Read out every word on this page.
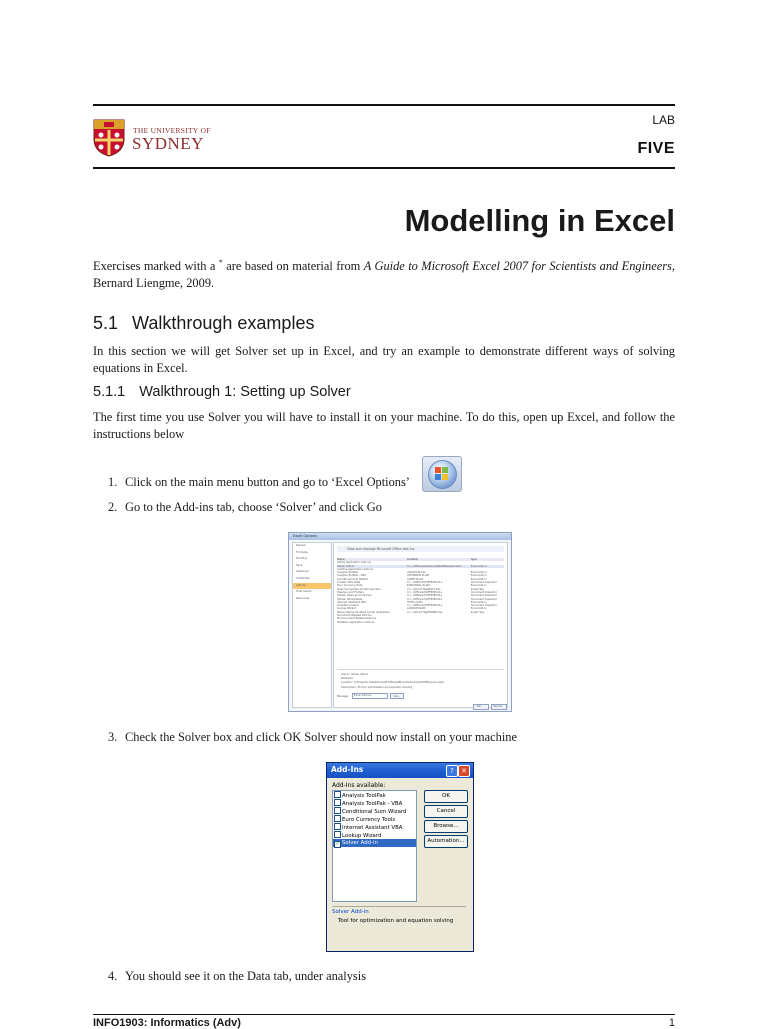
THE UNIVERSITY OF
SYDNEY
LAB
FIVE
Modelling in Excel

Exercises marked with a * are based on material from A Guide to Microsoft Excel 2007 for Scientists and Engineers, Bernard Liengme, 2009.

5.1 Walkthrough examples

In this section we will get Solver set up in Excel, and try an example to demonstrate different ways of solving equations in Excel.

5.1.1 Walkthrough 1: Setting up Solver

The first time you use Solver you will have to install it on your machine. To do this, open up Excel, and follow the instructions below

1. Click on the main menu button and go to ‘Excel Options’
2. Go to the Add-ins tab, choose ‘Solver’ and click Go
Excel Options
Popular
Formulas
Proofing
Save
Advanced
Customize
Add-Ins
Trust Center
Resources
View and manage Microsoft Office add-ins.
Name	Location	Type
Active Application Add-ins
Solver Add-in	C:\...\Office12\Library\SOLVER\solver.xlam	Excel Add-in
Inactive Application Add-ins
Analysis ToolPak	ANALYS32.XLL	Excel Add-in
Analysis ToolPak - VBA	ATPVBAEN.XLAM	Excel Add-in
Conditional Sum Wizard	SUMIF.XLAM	Excel Add-in
Custom XML Data	C:\...\Office12\OFFRHD.DLL	Document Inspector
Euro Currency Tools	EUROTOOL.XLAM	Excel Add-in
Financial Symbol (Smart tag lists)	C:\...\Smart Tag\MOFL.DLL	Smart Tag
Headers and Footers	C:\...\Office12\OFFRHD.DLL	Document Inspector
Hidden Rows and Columns	C:\...\Office12\OFFRHD.DLL	Document Inspector
Hidden Worksheets	C:\...\Office12\OFFRHD.DLL	Document Inspector
Internet Assistant VBA	HTML.XLAM	Excel Add-in
Invisible Content	C:\...\Office12\OFFRHD.DLL	Document Inspector
Lookup Wizard	LOOKUP.XLAM	Excel Add-in
Person Name (Outlook e-mail recipients)	C:\...\Smart Tag\FNAME.DLL	Smart Tag
Document Related Add-ins
No Document Related Add-ins
Disabled Application Add-ins
Add-in: Solver Add-in
Publisher:
Location: C:\Program Files\Microsoft Office\Office12\Library\SOLVER\solver.xlam
Description: Tool for optimization and equation solving
Manage:	Excel Add-ins	Go...
OK	Cancel
3. Check the Solver box and click OK Solver should now install on your machine
Add-Ins	?	✕
Add-Ins available:
Analysis ToolPak
Analysis ToolPak - VBA
Conditional Sum Wizard
Euro Currency Tools
Internet Assistant VBA
Lookup Wizard
✓ Solver Add-in
OK
Cancel
Browse...
Automation...
Solver Add-in
Tool for optimization and equation solving
4. You should see it on the Data tab, under analysis
INFO1903: Informatics (Adv)	1
